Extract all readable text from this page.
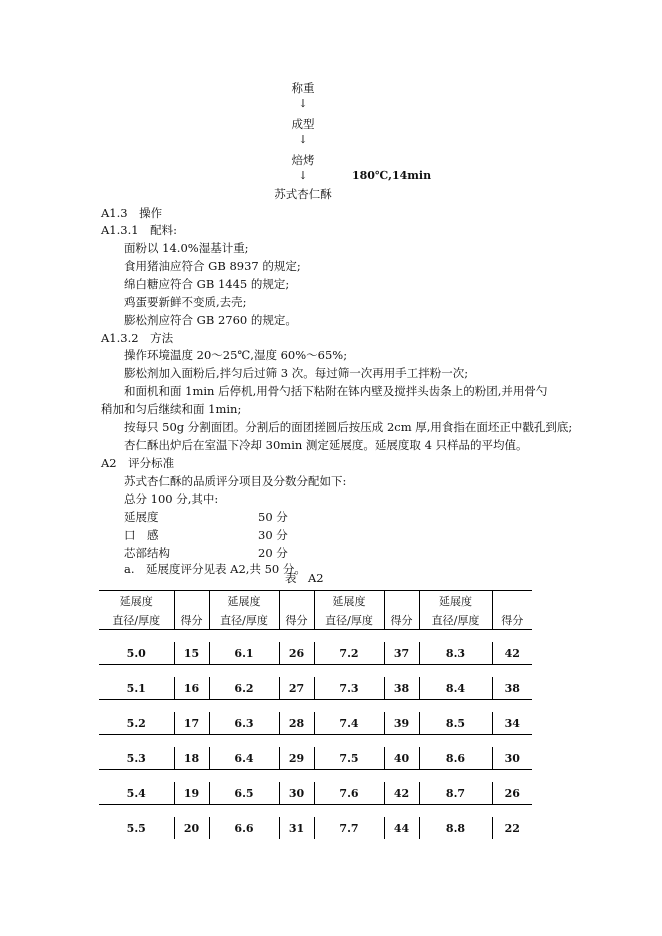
称重
↓
成型
↓
焙烤
↓	180℃,14min
苏式杏仁酥
A1.3　操作
A1.3.1　配料:
面粉以 14.0%湿基计重;
食用猪油应符合 GB 8937 的规定;
绵白糖应符合 GB 1445 的规定;
鸡蛋要新鲜不变质,去壳;
膨松剂应符合 GB 2760 的规定。
A1.3.2　方法
操作环境温度 20～25℃,湿度 60%～65%;
膨松剂加入面粉后,拌匀后过筛 3 次。每过筛一次再用手工拌粉一次;
和面机和面 1min 后停机,用骨勺括下粘附在钵内壁及搅拌头齿条上的粉团,并用骨勺
稍加和匀后继续和面 1min;
按每只 50g 分割面团。分割后的面团搓圆后按压成 2cm 厚,用食指在面坯正中戳孔到底;
杏仁酥出炉后在室温下冷却 30min 测定延展度。延展度取 4 只样品的平均值。
A2　评分标准
苏式杏仁酥的品质评分项目及分数分配如下:
总分 100 分,其中:
延展度	50 分
口　感	30 分
芯部结构	20 分
a.　延展度评分见表 A2,共 50 分。
表　A2

延展度		延展度		延展度		延展度	
直径/厚度	得分	直径/厚度	得分	直径/厚度	得分	直径/厚度	得分

5.0	15	6.1	26	7.2	37	8.3	42

5.1	16	6.2	27	7.3	38	8.4	38

5.2	17	6.3	28	7.4	39	8.5	34

5.3	18	6.4	29	7.5	40	8.6	30

5.4	19	6.5	30	7.6	42	8.7	26

5.5	20	6.6	31	7.7	44	8.8	22
